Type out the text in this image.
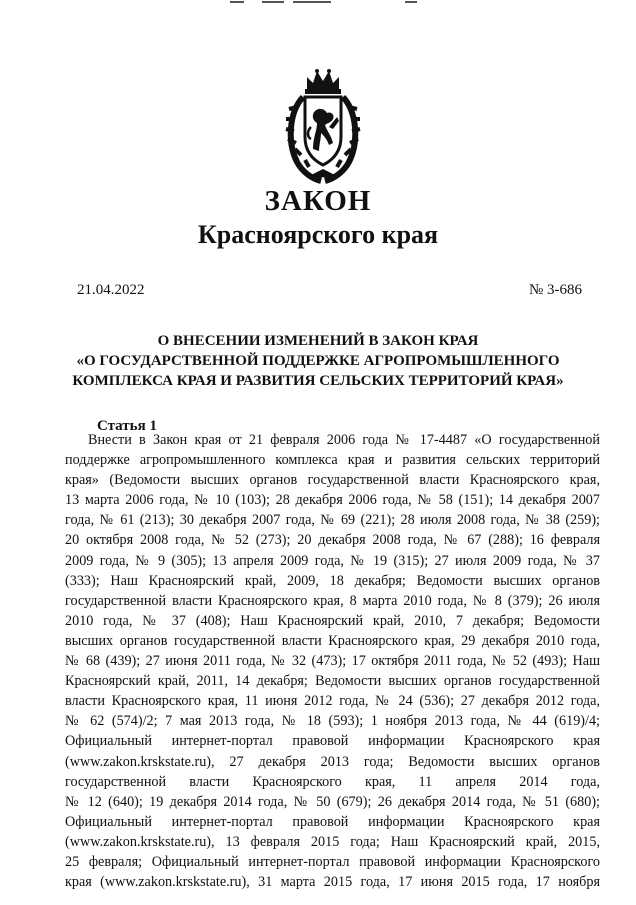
ЗАКОН
Красноярского края
21.04.2022	№ 3-686
О ВНЕСЕНИИ ИЗМЕНЕНИЙ В ЗАКОН КРАЯ
«О ГОСУДАРСТВЕННОЙ ПОДДЕРЖКЕ АГРОПРОМЫШЛЕННОГО
КОМПЛЕКСА КРАЯ И РАЗВИТИЯ СЕЛЬСКИХ ТЕРРИТОРИЙ КРАЯ»
Статья 1
Внести в Закон края от 21 февраля 2006 года № 17-4487 «О государственной
поддержке агропромышленного комплекса края и развития сельских территорий
края» (Ведомости высших органов государственной власти Красноярского края,
13 марта 2006 года, № 10 (103); 28 декабря 2006 года, № 58 (151); 14 декабря 2007
года, № 61 (213); 30 декабря 2007 года, № 69 (221); 28 июля 2008 года, № 38 (259);
20 октября 2008 года, № 52 (273); 20 декабря 2008 года, № 67 (288); 16 февраля
2009 года, № 9 (305); 13 апреля 2009 года, № 19 (315); 27 июля 2009 года, № 37
(333); Наш Красноярский край, 2009, 18 декабря; Ведомости высших органов
государственной власти Красноярского края, 8 марта 2010 года, № 8 (379); 26 июля
2010 года, № 37 (408); Наш Красноярский край, 2010, 7 декабря; Ведомости
высших органов государственной власти Красноярского края, 29 декабря 2010 года,
№ 68 (439); 27 июня 2011 года, № 32 (473); 17 октября 2011 года, № 52 (493); Наш
Красноярский край, 2011, 14 декабря; Ведомости высших органов государственной
власти Красноярского края, 11 июня 2012 года, № 24 (536); 27 декабря 2012 года,
№ 62 (574)/2; 7 мая 2013 года, № 18 (593); 1 ноября 2013 года, № 44 (619)/4;
Официальный интернет-портал правовой информации Красноярского края
(www.zakon.krskstate.ru), 27 декабря 2013 года; Ведомости высших органов
государственной власти Красноярского края, 11 апреля 2014 года,
№ 12 (640); 19 декабря 2014 года, № 50 (679); 26 декабря 2014 года, № 51 (680);
Официальный интернет-портал правовой информации Красноярского края
(www.zakon.krskstate.ru), 13 февраля 2015 года; Наш Красноярский край, 2015,
25 февраля; Официальный интернет-портал правовой информации Красноярского
края (www.zakon.krskstate.ru), 31 марта 2015 года, 17 июня 2015 года, 17 ноября
